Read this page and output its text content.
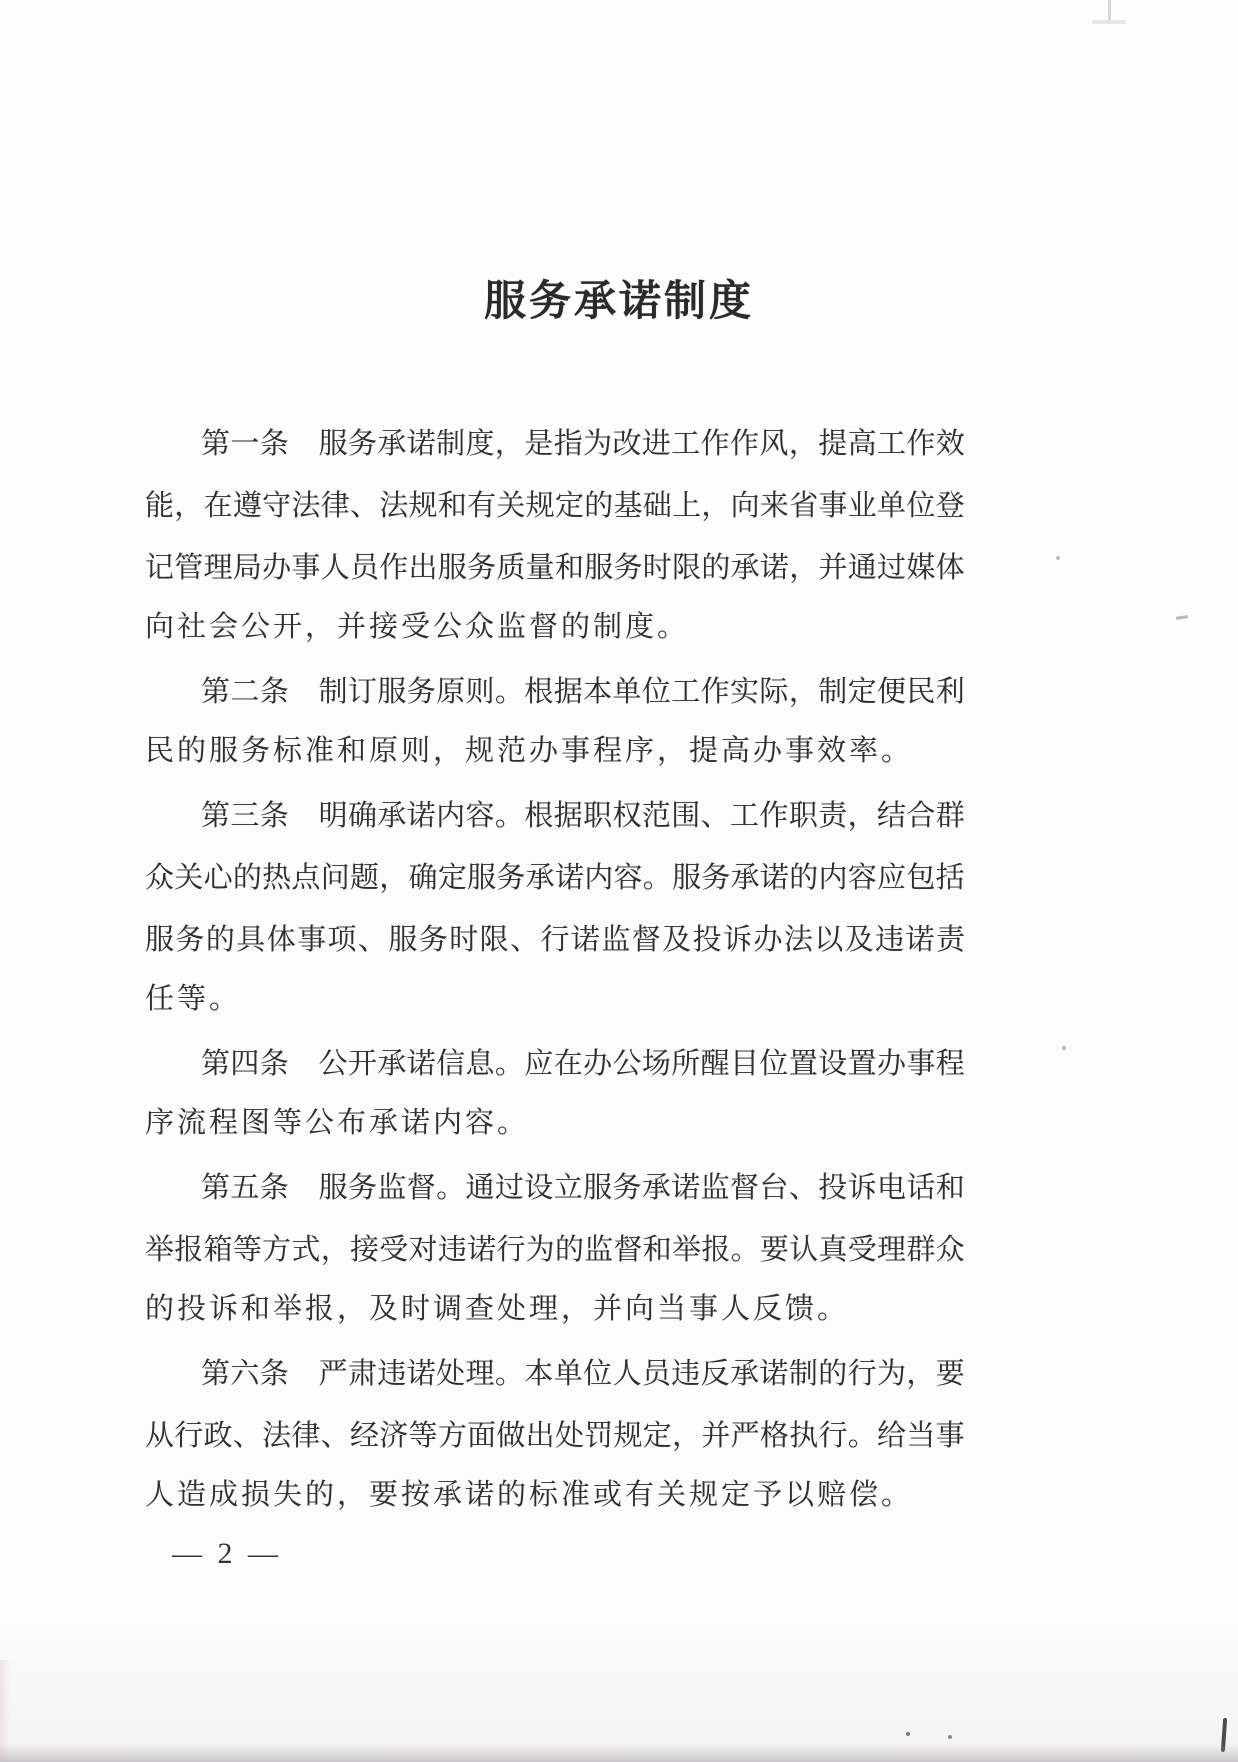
服务承诺制度
第 一 条
　 服 务 承 诺 制 度 ， 是 指 为 改 进 工 作 作 风 ， 提 高 工 作 效
能 ， 在 遵 守 法 律 、 法 规 和 有 关 规 定 的 基 础 上 ， 向 来 省 事 业 单 位 登
记 管 理 局 办 事 人 员 作 出 服 务 质 量 和 服 务 时 限 的 承 诺 ， 并 通 过 媒 体
向社会公开，并接受公众监督的制度。
第 二 条
　 制 订 服 务 原 则 。 根 据 本 单 位 工 作 实 际 ， 制 定 便 民 利
民的服务标准和原则，规范办事程序，提高办事效率。
第 三 条
　 明 确 承 诺 内 容 。 根 据 职 权 范 围 、 工 作 职 责 ， 结 合 群
众 关 心 的 热 点 问 题 ， 确 定 服 务 承 诺 内 容 。 服 务 承 诺 的 内 容 应 包 括
服 务 的 具 体 事 项 、 服 务 时 限 、 行 诺 监 督 及 投 诉 办 法 以 及 违 诺 责
任等。
第 四 条
　 公 开 承 诺 信 息 。 应 在 办 公 场 所 醒 目 位 置 设 置 办 事 程
序流程图等公布承诺内容。
第 五 条
　 服 务 监 督 。 通 过 设 立 服 务 承 诺 监 督 台 、 投 诉 电 话 和
举 报 箱 等 方 式 ， 接 受 对 违 诺 行 为 的 监 督 和 举 报 。 要 认 真 受 理 群 众
的投诉和举报，及时调查处理，并向当事人反馈。
第 六 条
　 严 肃 违 诺 处 理 。 本 单 位 人 员 违 反 承 诺 制 的 行 为 ， 要
从 行 政 、 法 律 、 经 济 等 方 面 做 出 处 罚 规 定 ， 并 严 格 执 行 。 给 当 事
人造成损失的，要按承诺的标准或有关规定予以赔偿。
— 2 —
